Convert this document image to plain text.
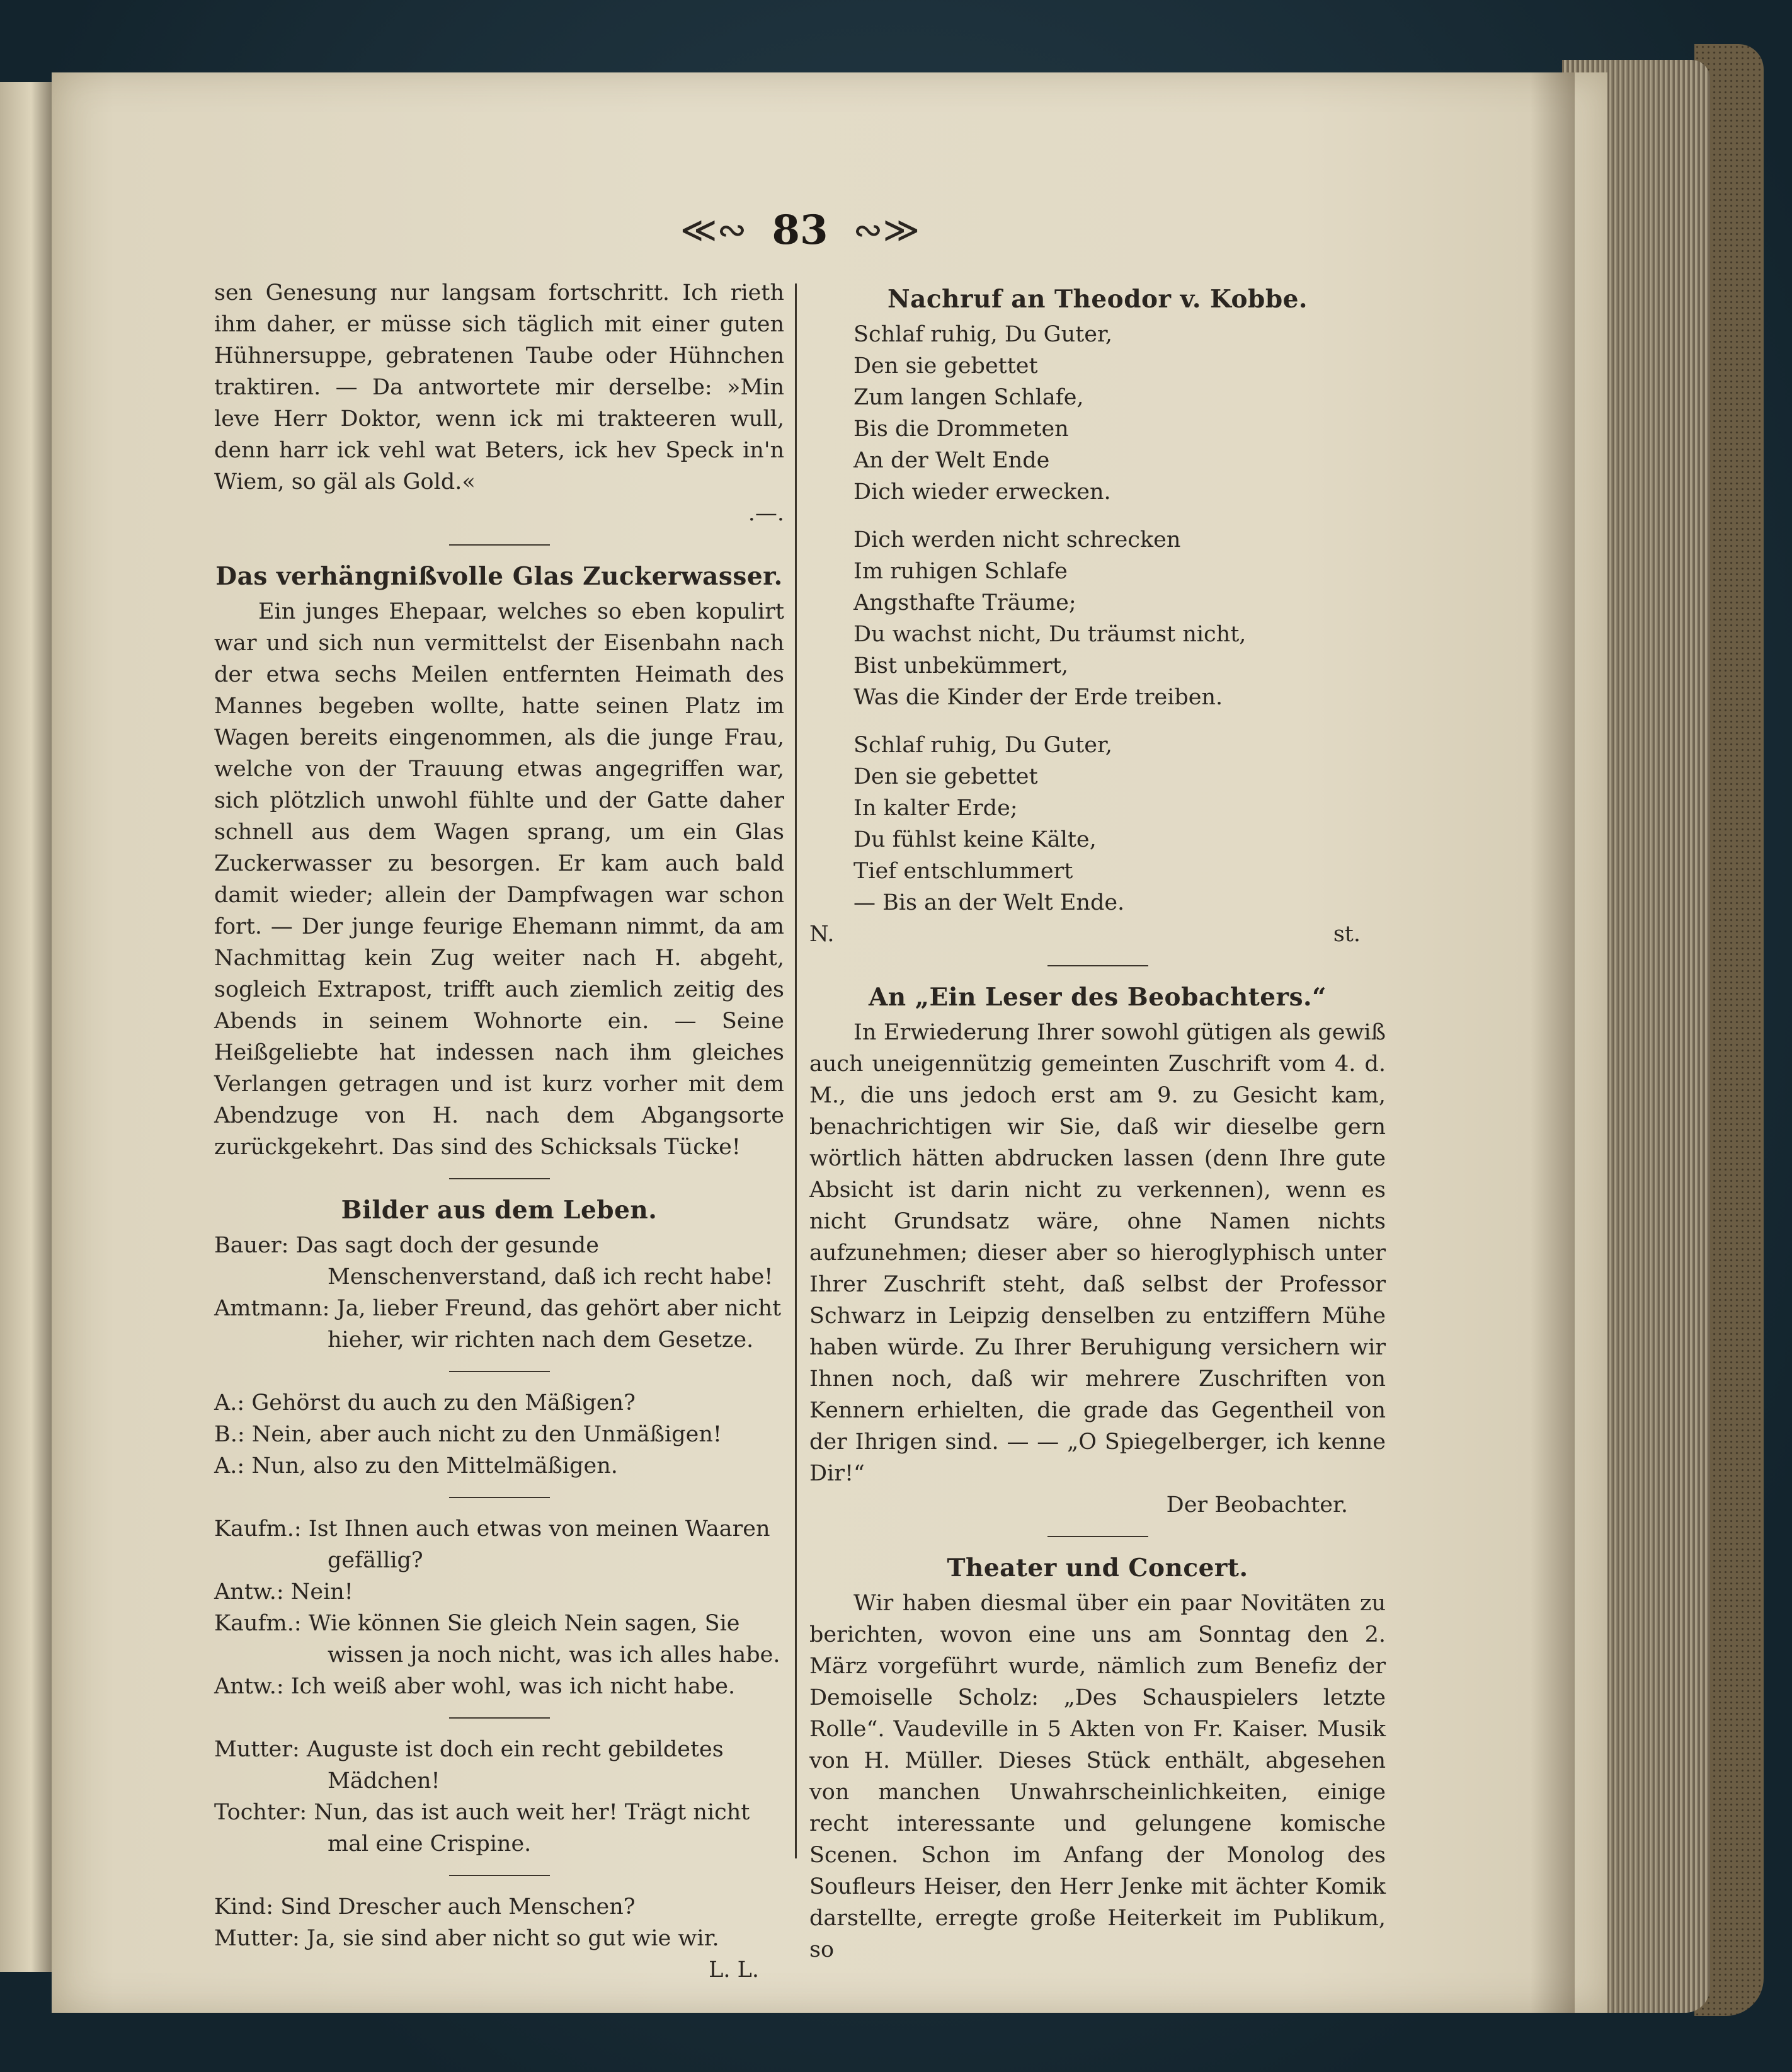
≪∾ 83 ∾≫

sen Genesung nur langsam fortschritt. Ich rieth ihm daher, er müsse sich täglich mit einer guten Hühnersuppe, gebratenen Taube oder Hühnchen traktiren. — Da antwortete mir derselbe: »Min leve Herr Doktor, wenn ick mi trakteeren wull, denn harr ick vehl wat Beters, ick hev Speck in'n Wiem, so gäl als Gold.«

.—.

Das verhängnißvolle Glas Zuckerwasser.

Ein junges Ehepaar, welches so eben kopulirt war und sich nun vermittelst der Eisenbahn nach der etwa sechs Meilen entfernten Heimath des Mannes begeben wollte, hatte seinen Platz im Wagen bereits eingenommen, als die junge Frau, welche von der Trauung etwas angegriffen war, sich plötzlich unwohl fühlte und der Gatte daher schnell aus dem Wagen sprang, um ein Glas Zuckerwasser zu besorgen. Er kam auch bald damit wieder; allein der Dampfwagen war schon fort. — Der junge feurige Ehemann nimmt, da am Nachmittag kein Zug weiter nach H. abgeht, sogleich Extrapost, trifft auch ziemlich zeitig des Abends in seinem Wohnorte ein. — Seine Heißgeliebte hat indessen nach ihm gleiches Verlangen getragen und ist kurz vorher mit dem Abendzuge von H. nach dem Abgangsorte zurückgekehrt. Das sind des Schicksals Tücke!

Bilder aus dem Leben.

Bauer: Das sagt doch der gesunde Menschenverstand, daß ich recht habe!

Amtmann: Ja, lieber Freund, das gehört aber nicht hieher, wir richten nach dem Gesetze.

A.: Gehörst du auch zu den Mäßigen?

B.: Nein, aber auch nicht zu den Unmäßigen!

A.: Nun, also zu den Mittelmäßigen.

Kaufm.: Ist Ihnen auch etwas von meinen Waaren gefällig?

Antw.: Nein!

Kaufm.: Wie können Sie gleich Nein sagen, Sie wissen ja noch nicht, was ich alles habe.

Antw.: Ich weiß aber wohl, was ich nicht habe.

Mutter: Auguste ist doch ein recht gebildetes Mädchen!

Tochter: Nun, das ist auch weit her! Trägt nicht mal eine Crispine.

Kind: Sind Drescher auch Menschen?

Mutter: Ja, sie sind aber nicht so gut wie wir.

L. L.

Nachruf an Theodor v. Kobbe.
Schlaf ruhig, Du Guter,
Den sie gebettet
Zum langen Schlafe,
Bis die Drommeten
An der Welt Ende
Dich wieder erwecken.
Dich werden nicht schrecken
Im ruhigen Schlafe
Angsthafte Träume;
Du wachst nicht, Du träumst nicht,
Bist unbekümmert,
Was die Kinder der Erde treiben.
Schlaf ruhig, Du Guter,
Den sie gebettet
In kalter Erde;
Du fühlst keine Kälte,
Tief entschlummert
— Bis an der Welt Ende.
N.	st.
An „Ein Leser des Beobachters.“

In Erwiederung Ihrer sowohl gütigen als gewiß auch uneigennützig gemeinten Zuschrift vom 4. d. M., die uns jedoch erst am 9. zu Gesicht kam, benachrichtigen wir Sie, daß wir dieselbe gern wörtlich hätten abdrucken lassen (denn Ihre gute Absicht ist darin nicht zu verkennen), wenn es nicht Grundsatz wäre, ohne Namen nichts aufzunehmen; dieser aber so hieroglyphisch unter Ihrer Zuschrift steht, daß selbst der Professor Schwarz in Leipzig denselben zu entziffern Mühe haben würde. Zu Ihrer Beruhigung versichern wir Ihnen noch, daß wir mehrere Zuschriften von Kennern erhielten, die grade das Gegentheil von der Ihrigen sind. — — „O Spiegelberger, ich kenne Dir!“

Der Beobachter.

Theater und Concert.

Wir haben diesmal über ein paar Novitäten zu berichten, wovon eine uns am Sonntag den 2. März vorgeführt wurde, nämlich zum Benefiz der Demoiselle Scholz: „Des Schauspielers letzte Rolle“. Vaudeville in 5 Akten von Fr. Kaiser. Musik von H. Müller. Dieses Stück enthält, abgesehen von manchen Unwahrscheinlichkeiten, einige recht interessante und gelungene komische Scenen. Schon im Anfang der Monolog des Soufleurs Heiser, den Herr Jenke mit ächter Komik darstellte, erregte große Heiterkeit im Publikum, so
